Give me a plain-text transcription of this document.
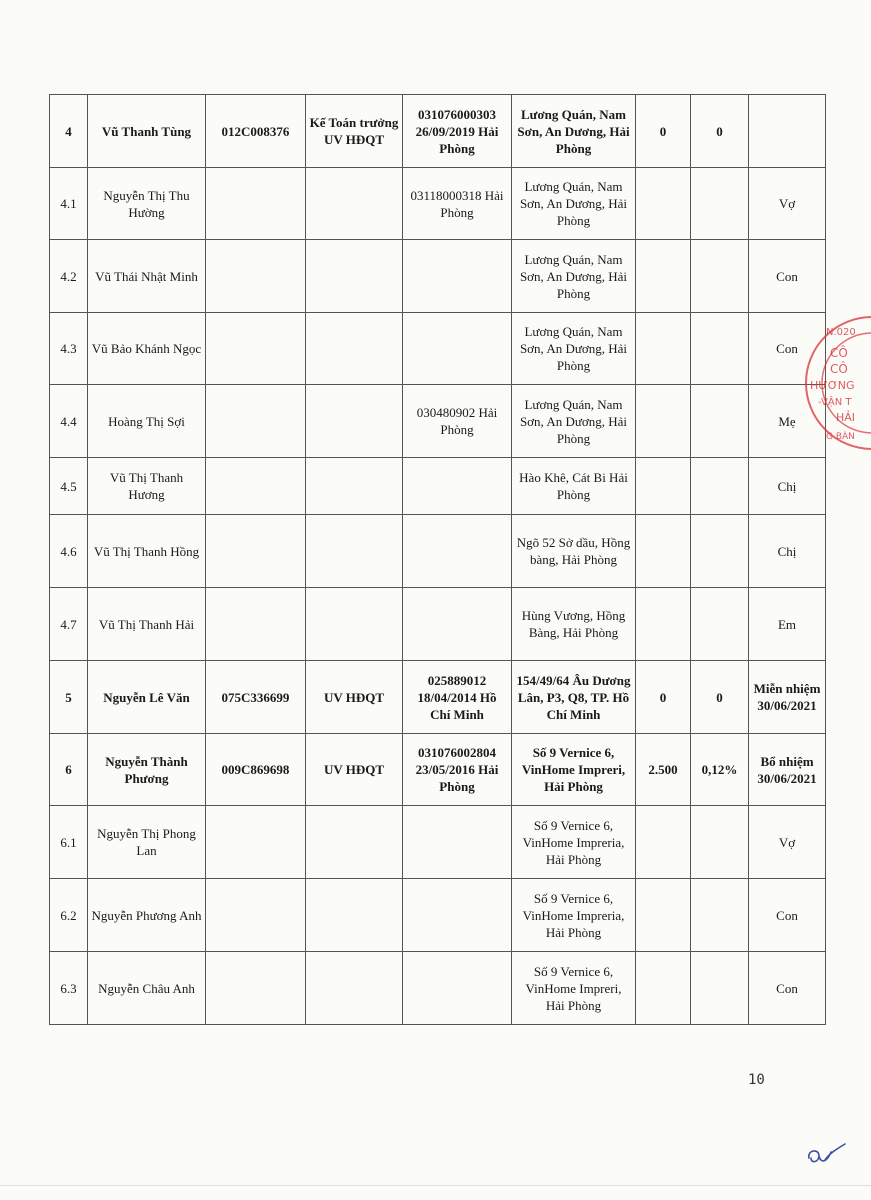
4	Vũ Thanh Tùng	012C008376	Kế Toán trưởng UV HĐQT	031076000303 26/09/2019 Hải Phòng	Lương Quán, Nam Sơn, An Dương, Hải Phòng	0	0	
4.1	Nguyễn Thị Thu Hường			03118000318 Hải Phòng	Lương Quán, Nam Sơn, An Dương, Hải Phòng			Vợ
4.2	Vũ Thái Nhật Minh				Lương Quán, Nam Sơn, An Dương, Hải Phòng			Con
4.3	Vũ Bảo Khánh Ngọc				Lương Quán, Nam Sơn, An Dương, Hải Phòng			Con
4.4	Hoàng Thị Sợi			030480902 Hải Phòng	Lương Quán, Nam Sơn, An Dương, Hải Phòng			Mẹ
4.5	Vũ Thị Thanh Hương				Hào Khê, Cát Bi Hải Phòng			Chị
4.6	Vũ Thị Thanh Hồng				Ngõ 52 Sở dầu, Hồng bàng, Hải Phòng			Chị
4.7	Vũ Thị Thanh Hải				Hùng Vương, Hồng Bàng, Hải Phòng			Em
5	Nguyễn Lê Văn	075C336699	UV HĐQT	025889012 18/04/2014 Hồ Chí Minh	154/49/64 Âu Dương Lân, P3, Q8, TP. Hồ Chí Minh	0	0	Miễn nhiệm 30/06/2021
6	Nguyễn Thành Phương	009C869698	UV HĐQT	031076002804 23/05/2016 Hải Phòng	Số 9 Vernice 6, VinHome Impreri, Hải Phòng	2.500	0,12%	Bổ nhiệm 30/06/2021
6.1	Nguyễn Thị Phong Lan				Số 9 Vernice 6, VinHome Impreria, Hải Phòng			Vợ
6.2	Nguyễn Phương Anh				Số 9 Vernice 6, VinHome Impreria, Hải Phòng			Con
6.3	Nguyễn Châu Anh				Số 9 Vernice 6, VinHome Impreri, Hải Phòng			Con
N.020
CÔ
CÔ
HƯƠNG
-VẬN T
HẢI
G BÀN
10
